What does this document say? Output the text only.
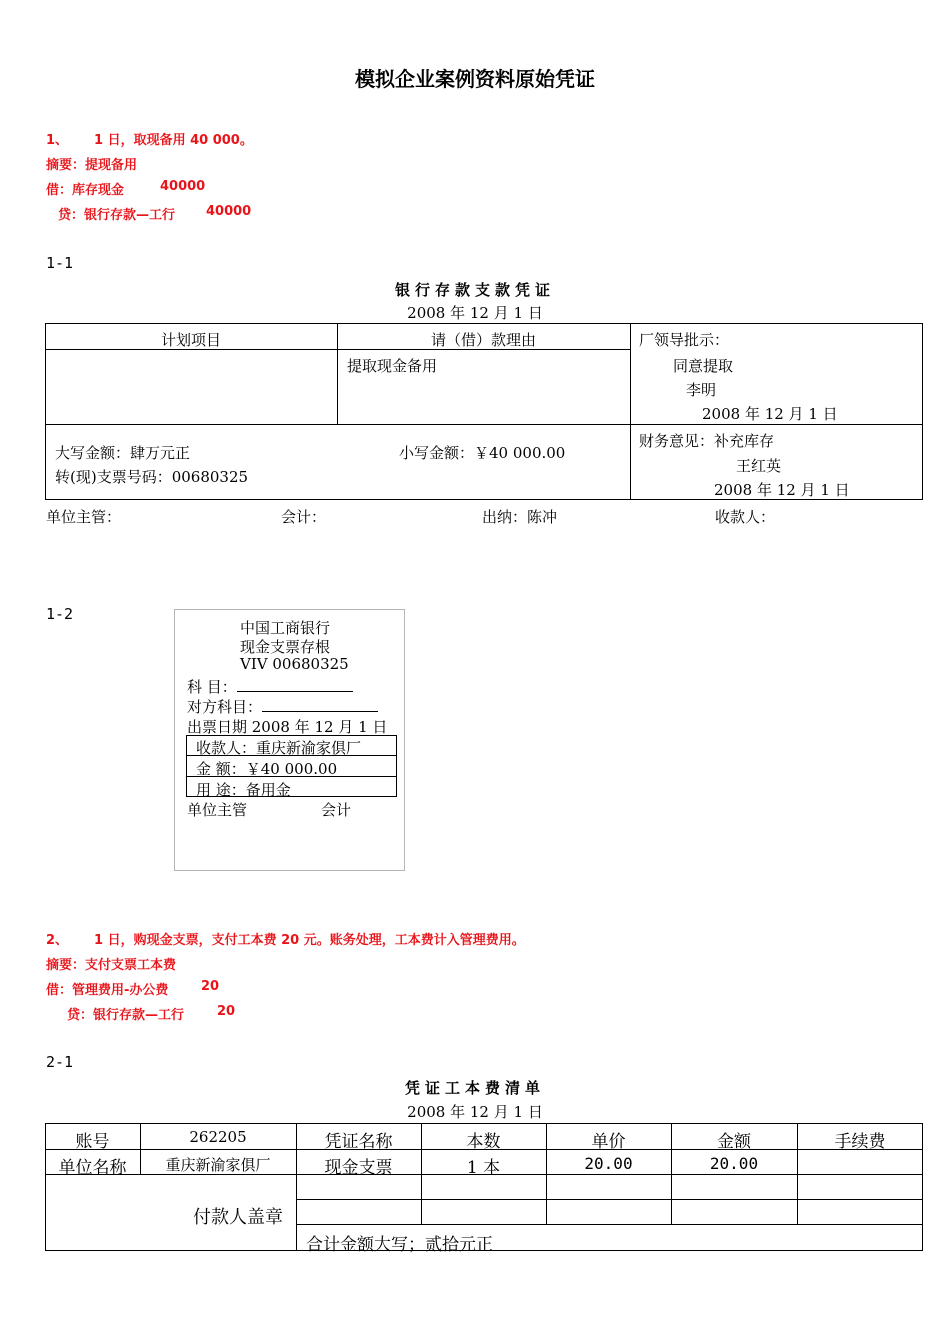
模拟企业案例资料原始凭证
1、 1 日，取现备用 40 000。
摘要：提现备用
借：库存现金	40000
贷：银行存款—工行 40000
1-1
银行存款支款凭证
2008 年 12 月 1 日
计划项目	请（借）款理由	厂领导批示：
提取现金备用	同意提取
李明
2008 年 12 月 1 日
大写金额：肆万元正	小写金额：￥40 000.00
转(现)支票号码：00680325
财务意见：补充库存
王红英
2008 年 12 月 1 日
单位主管：	会计：	出纳：陈冲	收款人：
1-2
中国工商银行
现金支票存根
VIV 00680325
科 目：
对方科目：
出票日期 2008 年 12 月 1 日
收款人：重庆新渝家俱厂
金 额：￥40 000.00
用 途：备用金
单位主管	会计
2、 1 日，购现金支票，支付工本费 20 元。账务处理，工本费计入管理费用。
摘要：支付支票工本费
借：管理费用-办公费	20
贷：银行存款—工行	20
2-1
凭证工本费清单
2008 年 12 月 1 日
账号	262205	凭证名称	本数	单价	金额	手续费
单位名称	重庆新渝家俱厂	现金支票	1 本	20.00	20.00
付款人盖章
合计金额大写；贰拾元正
